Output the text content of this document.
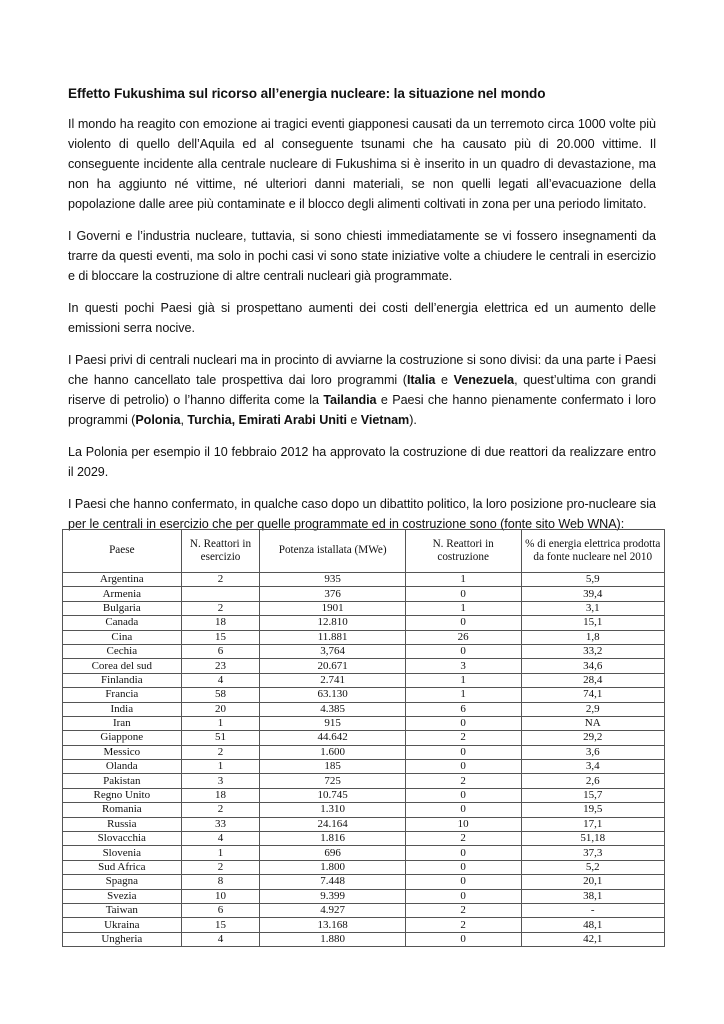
Effetto Fukushima sul ricorso all’energia nucleare: la situazione nel mondo

Il mondo ha reagito con emozione ai tragici eventi giapponesi causati da un terremoto circa 1000 volte più violento di quello dell’Aquila ed al conseguente tsunami che ha causato più di 20.000 vittime. Il conseguente incidente alla centrale nucleare di Fukushima si è inserito in un quadro di devastazione, ma non ha aggiunto né vittime, né ulteriori danni materiali, se non quelli legati all’evacuazione della popolazione dalle aree più contaminate e il blocco degli alimenti coltivati in zona per una periodo limitato.

I Governi e l’industria nucleare, tuttavia, si sono chiesti immediatamente se vi fossero insegnamenti da trarre da questi eventi, ma solo in pochi casi vi sono state iniziative volte a chiudere le centrali in esercizio e di bloccare la costruzione di altre centrali nucleari già programmate.

In questi pochi Paesi già si prospettano aumenti dei costi dell’energia elettrica ed un aumento delle emissioni serra nocive.

I Paesi privi di centrali nucleari ma in procinto di avviarne la costruzione si sono divisi: da una parte i Paesi che hanno cancellato tale prospettiva dai loro programmi (Italia e Venezuela, quest’ultima con grandi riserve di petrolio) o l’hanno differita come la Tailandia e Paesi che hanno pienamente confermato i loro programmi (Polonia, Turchia, Emirati Arabi Uniti e Vietnam).

La Polonia per esempio il 10 febbraio 2012 ha approvato la costruzione di due reattori da realizzare entro il 2029.

I Paesi che hanno confermato, in qualche caso dopo un dibattito politico, la loro posizione pro-nucleare sia per le centrali in esercizio che per quelle programmate ed in costruzione sono (fonte sito Web WNA):

Paese	N. Reattori in esercizio	Potenza istallata (MWe)	N. Reattori in costruzione	% di energia elettrica prodotta da fonte nucleare nel 2010
Argentina	2	935	1	5,9
Armenia		376	0	39,4
Bulgaria	2	1901	1	3,1
Canada	18	12.810	0	15,1
Cina	15	11.881	26	1,8
Cechia	6	3,764	0	33,2
Corea del sud	23	20.671	3	34,6
Finlandia	4	2.741	1	28,4
Francia	58	63.130	1	74,1
India	20	4.385	6	2,9
Iran	1	915	0	NA
Giappone	51	44.642	2	29,2
Messico	2	1.600	0	3,6
Olanda	1	185	0	3,4
Pakistan	3	725	2	2,6
Regno Unito	18	10.745	0	15,7
Romania	2	1.310	0	19,5
Russia	33	24.164	10	17,1
Slovacchia	4	1.816	2	51,18
Slovenia	1	696	0	37,3
Sud Africa	2	1.800	0	5,2
Spagna	8	7.448	0	20,1
Svezia	10	9.399	0	38,1
Taiwan	6	4.927	2	-
Ukraina	15	13.168	2	48,1
Ungheria	4	1.880	0	42,1
